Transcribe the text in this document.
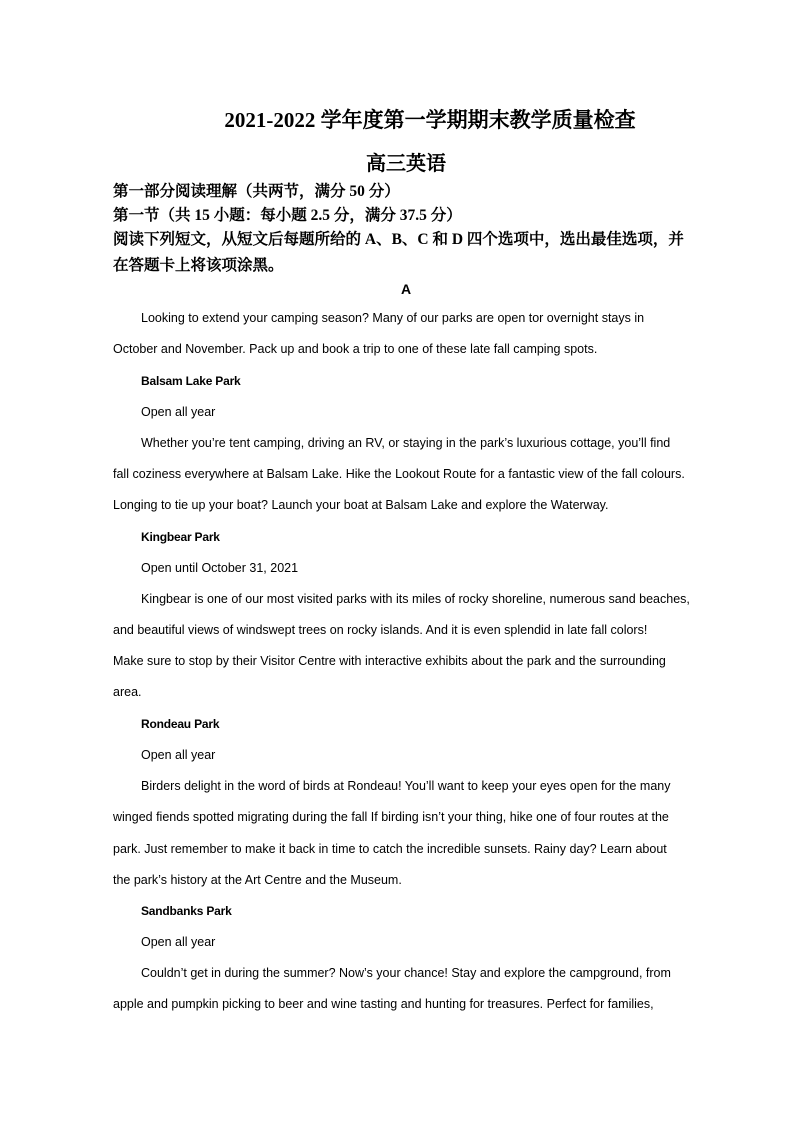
2021-2022 学年度第一学期期末教学质量检查
高三英语
第一部分阅读理解（共两节，满分 50 分）
第一节（共 15 小题：每小题 2.5 分，满分 37.5 分）
阅读下列短文，从短文后每题所给的 A、B、C 和 D 四个选项中，选出最佳选项，并
在答题卡上将该项涂黑。
A
Looking to extend your camping season? Many of our parks are open tor overnight stays in
October and November. Pack up and book a trip to one of these late fall camping spots.
Balsam Lake Park
Open all year
Whether you’re tent camping, driving an RV, or staying in the park’s luxurious cottage, you’ll find
fall coziness everywhere at Balsam Lake. Hike the Lookout Route for a fantastic view of the fall colours.
Longing to tie up your boat? Launch your boat at Balsam Lake and explore the Waterway.
Kingbear Park
Open until October 31, 2021
Kingbear is one of our most visited parks with its miles of rocky shoreline, numerous sand beaches,
and beautiful views of windswept trees on rocky islands. And it is even splendid in late fall colors!
Make sure to stop by their Visitor Centre with interactive exhibits about the park and the surrounding
area.
Rondeau Park
Open all year
Birders delight in the word of birds at Rondeau! You’ll want to keep your eyes open for the many
winged fiends spotted migrating during the fall If birding isn’t your thing, hike one of four routes at the
park. Just remember to make it back in time to catch the incredible sunsets. Rainy day? Learn about
the park’s history at the Art Centre and the Museum.
Sandbanks Park
Open all year
Couldn’t get in during the summer? Now’s your chance! Stay and explore the campground, from
apple and pumpkin picking to beer and wine tasting and hunting for treasures. Perfect for families,
